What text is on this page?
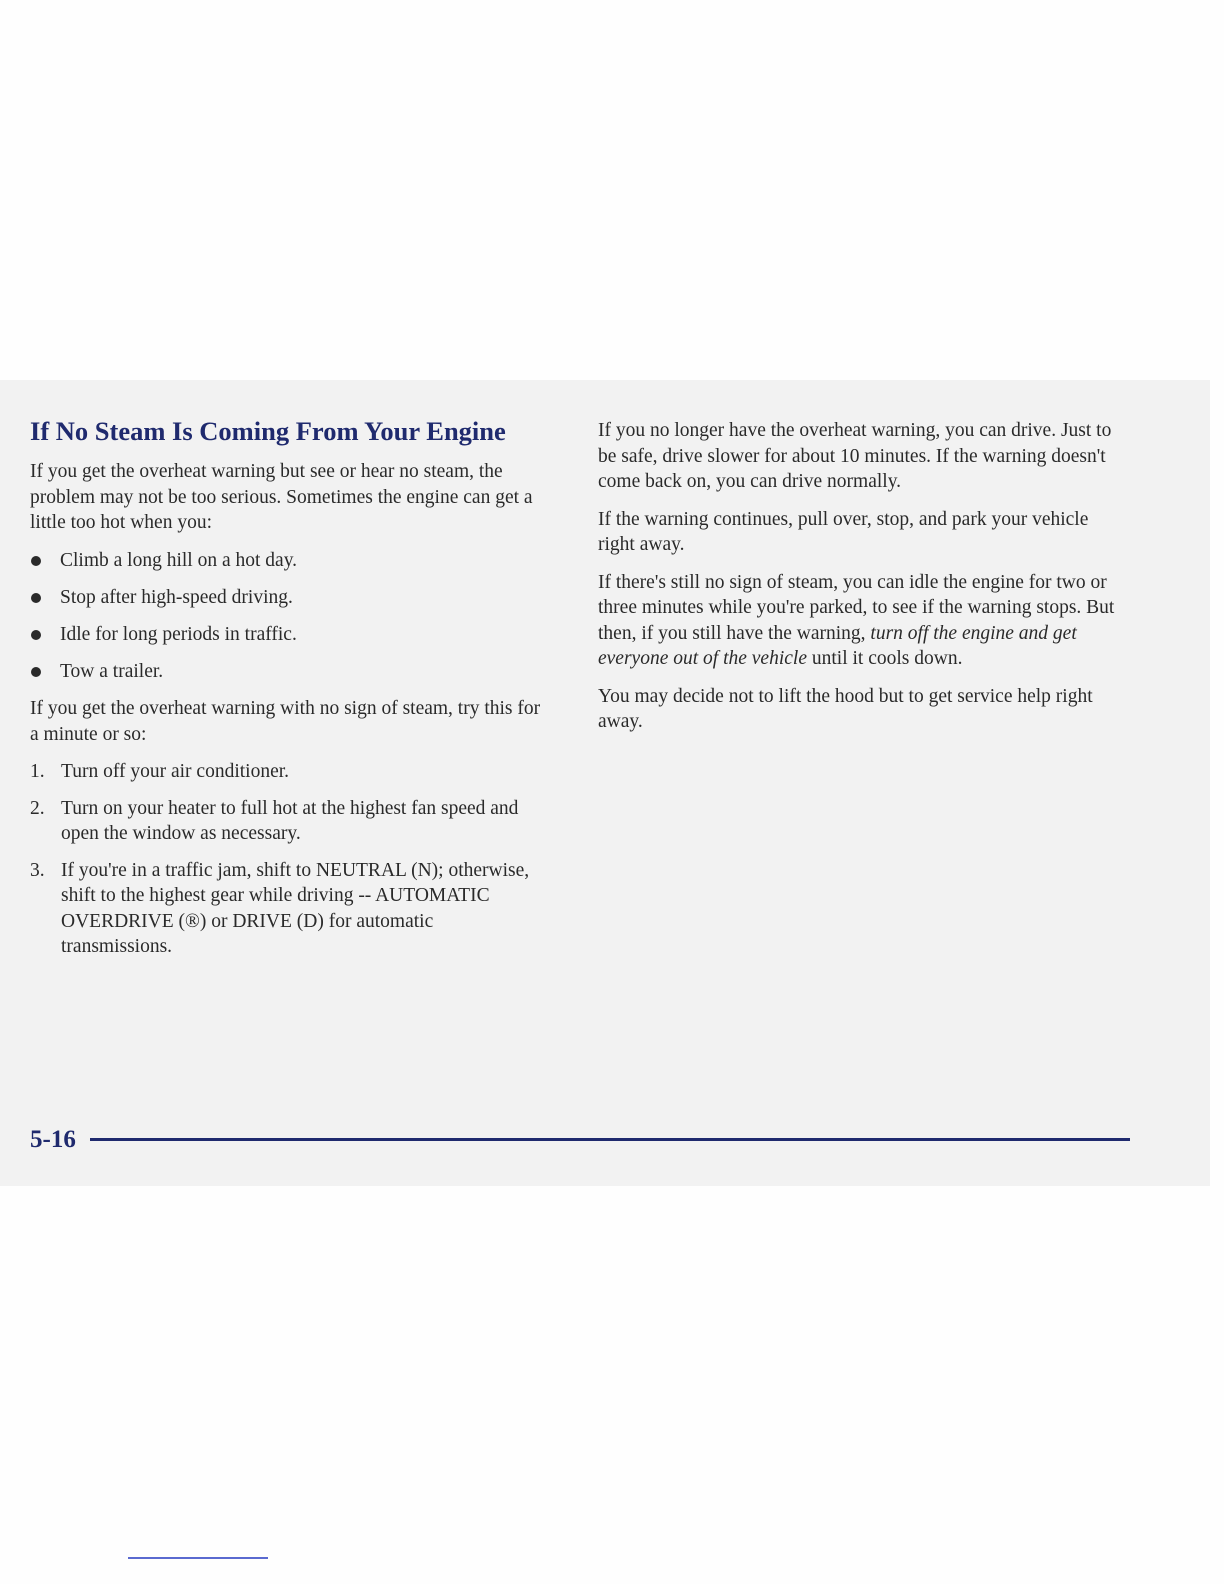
If No Steam Is Coming From Your Engine

If you get the overheat warning but see or hear no steam, the problem may not be too serious. Sometimes the engine can get a little too hot when you:

Climb a long hill on a hot day.
Stop after high-speed driving.
Idle for long periods in traffic.
Tow a trailer.

If you get the overheat warning with no sign of steam, try this for a minute or so:

1. Turn off your air conditioner.
2. Turn on your heater to full hot at the highest fan speed and open the window as necessary.
3. If you're in a traffic jam, shift to NEUTRAL (N); otherwise, shift to the highest gear while driving -- AUTOMATIC OVERDRIVE (®) or DRIVE (D) for automatic transmissions.

If you no longer have the overheat warning, you can drive. Just to be safe, drive slower for about 10 minutes. If the warning doesn't come back on, you can drive normally.

If the warning continues, pull over, stop, and park your vehicle right away.

If there's still no sign of steam, you can idle the engine for two or three minutes while you're parked, to see if the warning stops. But then, if you still have the warning, turn off the engine and get everyone out of the vehicle until it cools down.

You may decide not to lift the hood but to get service help right away.

5-16
